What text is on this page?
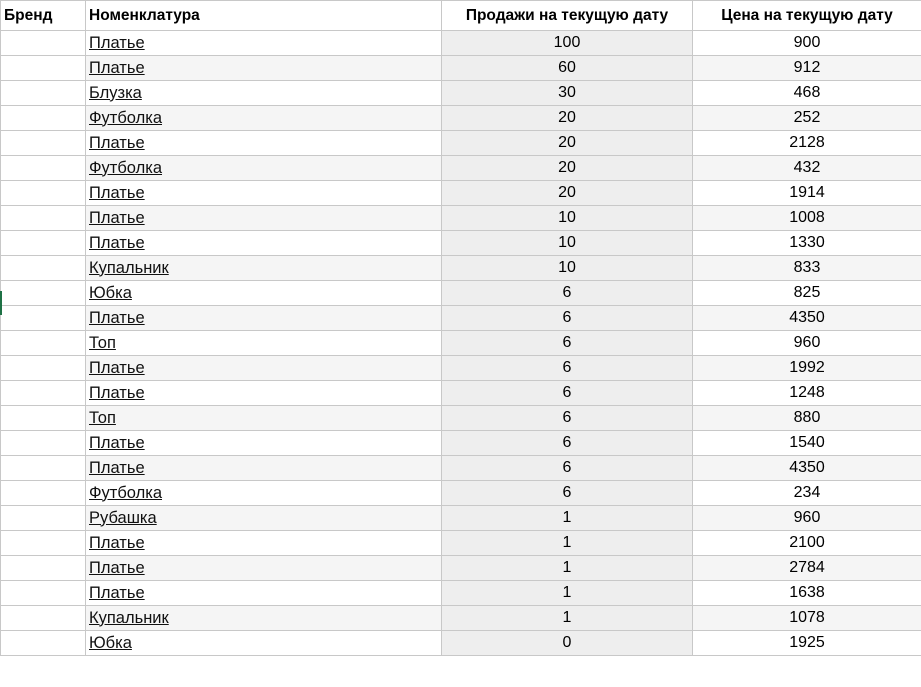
Бренд	Номенклатура	Продажи на текущую дату	Цена на текущую дату
	Платье	100	900
	Платье	60	912
	Блузка	30	468
	Футболка	20	252
	Платье	20	2128
	Футболка	20	432
	Платье	20	1914
	Платье	10	1008
	Платье	10	1330
	Купальник	10	833
	Юбка	6	825
	Платье	6	4350
	Топ	6	960
	Платье	6	1992
	Платье	6	1248
	Топ	6	880
	Платье	6	1540
	Платье	6	4350
	Футболка	6	234
	Рубашка	1	960
	Платье	1	2100
	Платье	1	2784
	Платье	1	1638
	Купальник	1	1078
	Юбка	0	1925
